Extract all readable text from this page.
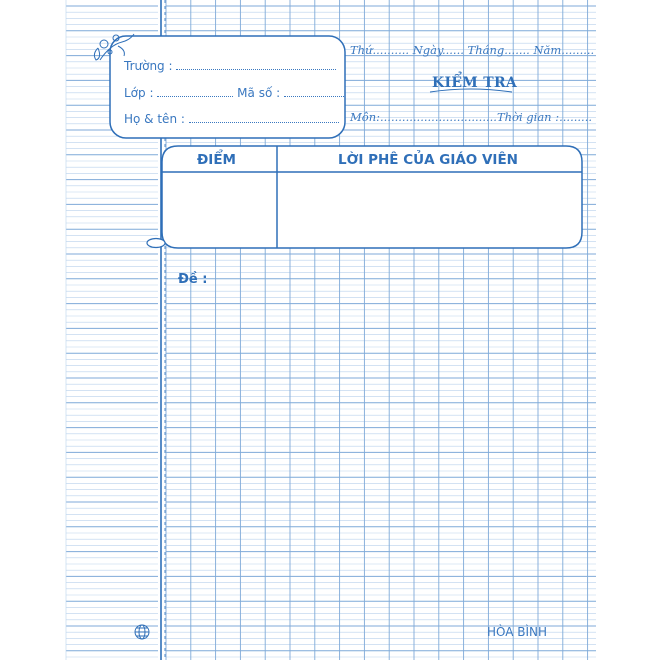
Thứ.......... Ngày...... Tháng....... Năm.........
KIỂM TRA
Môn:................................Thời gian :.........
Trường :
Lớp :	Mã số :
Họ & tên :
ĐIỂM	LỜI PHÊ CỦA GIÁO VIÊN
Đề :
HÒA BÌNH
